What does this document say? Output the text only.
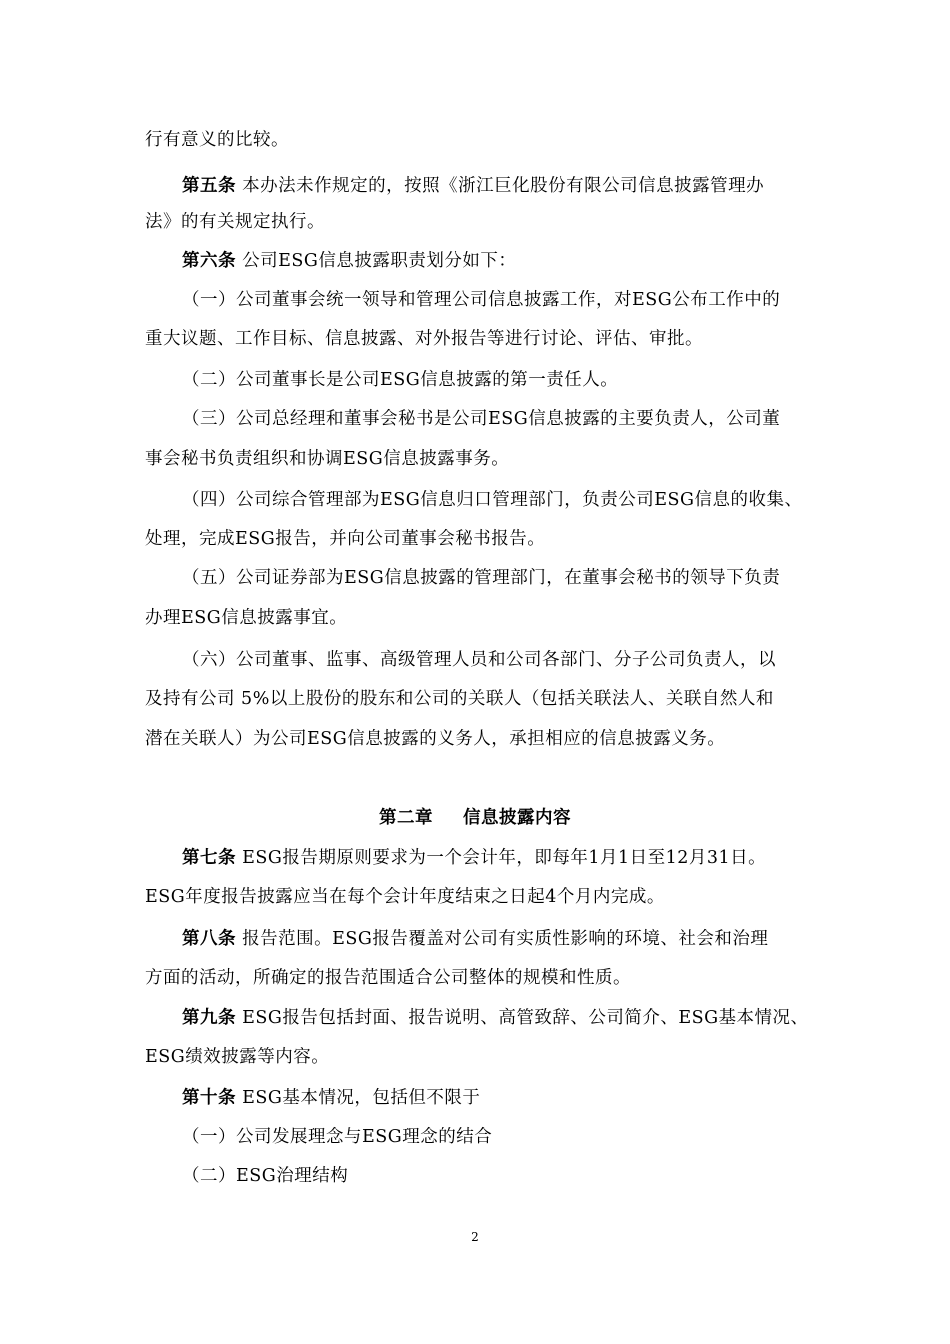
行有意义的比较。
第五条 本办法未作规定的，按照《浙江巨化股份有限公司信息披露管理办
法》的有关规定执行。
第六条 公司ESG信息披露职责划分如下：
（一）公司董事会统一领导和管理公司信息披露工作，对ESG公布工作中的
重大议题、工作目标、信息披露、对外报告等进行讨论、评估、审批。
（二）公司董事长是公司ESG信息披露的第一责任人。
（三）公司总经理和董事会秘书是公司ESG信息披露的主要负责人，公司董
事会秘书负责组织和协调ESG信息披露事务。
（四）公司综合管理部为ESG信息归口管理部门，负责公司ESG信息的收集、
处理，完成ESG报告，并向公司董事会秘书报告。
（五）公司证券部为ESG信息披露的管理部门，在董事会秘书的领导下负责
办理ESG信息披露事宜。
（六）公司董事、监事、高级管理人员和公司各部门、分子公司负责人，以
及持有公司 5%以上股份的股东和公司的关联人（包括关联法人、关联自然人和
潜在关联人）为公司ESG信息披露的义务人，承担相应的信息披露义务。
第二章 信息披露内容
第七条 ESG报告期原则要求为一个会计年，即每年1月1日至12月31日。
ESG年度报告披露应当在每个会计年度结束之日起4个月内完成。
第八条 报告范围。ESG报告覆盖对公司有实质性影响的环境、社会和治理
方面的活动，所确定的报告范围适合公司整体的规模和性质。
第九条 ESG报告包括封面、报告说明、高管致辞、公司简介、ESG基本情况、
ESG绩效披露等内容。
第十条 ESG基本情况，包括但不限于
（一）公司发展理念与ESG理念的结合
（二）ESG治理结构
2
